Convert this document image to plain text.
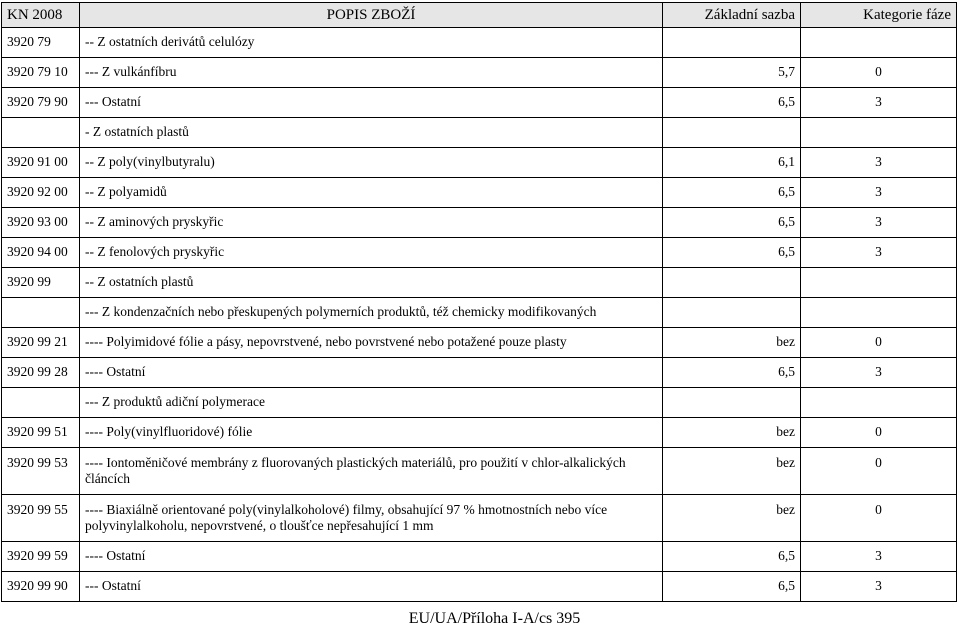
KN 2008	POPIS ZBOŽÍ	Základní sazba	Kategorie fáze
3920 79	-- Z ostatních derivátů celulózy		
3920 79 10	--- Z vulkánfíbru	5,7	0
3920 79 90	--- Ostatní	6,5	3
	- Z ostatních plastů		
3920 91 00	-- Z poly(vinylbutyralu)	6,1	3
3920 92 00	-- Z polyamidů	6,5	3
3920 93 00	-- Z aminových pryskyřic	6,5	3
3920 94 00	-- Z fenolových pryskyřic	6,5	3
3920 99	-- Z ostatních plastů		
	--- Z kondenzačních nebo přeskupených polymerních produktů, též chemicky modifikovaných		
3920 99 21	---- Polyimidové fólie a pásy, nepovrstvené, nebo povrstvené nebo potažené pouze plasty	bez	0
3920 99 28	---- Ostatní	6,5	3
	--- Z produktů adiční polymerace		
3920 99 51	---- Poly(vinylfluoridové) fólie	bez	0
3920 99 53	---- Iontoměničové membrány z fluorovaných plastických materiálů, pro použití v chlor-alkalických článcích	bez	0
3920 99 55	---- Biaxiálně orientované poly(vinylalkoholové) filmy, obsahující 97 % hmotnostních nebo více polyvinylalkoholu, nepovrstvené, o tloušťce nepřesahující 1 mm	bez	0
3920 99 59	---- Ostatní	6,5	3
3920 99 90	--- Ostatní	6,5	3
EU/UA/Příloha I-A/cs 395
